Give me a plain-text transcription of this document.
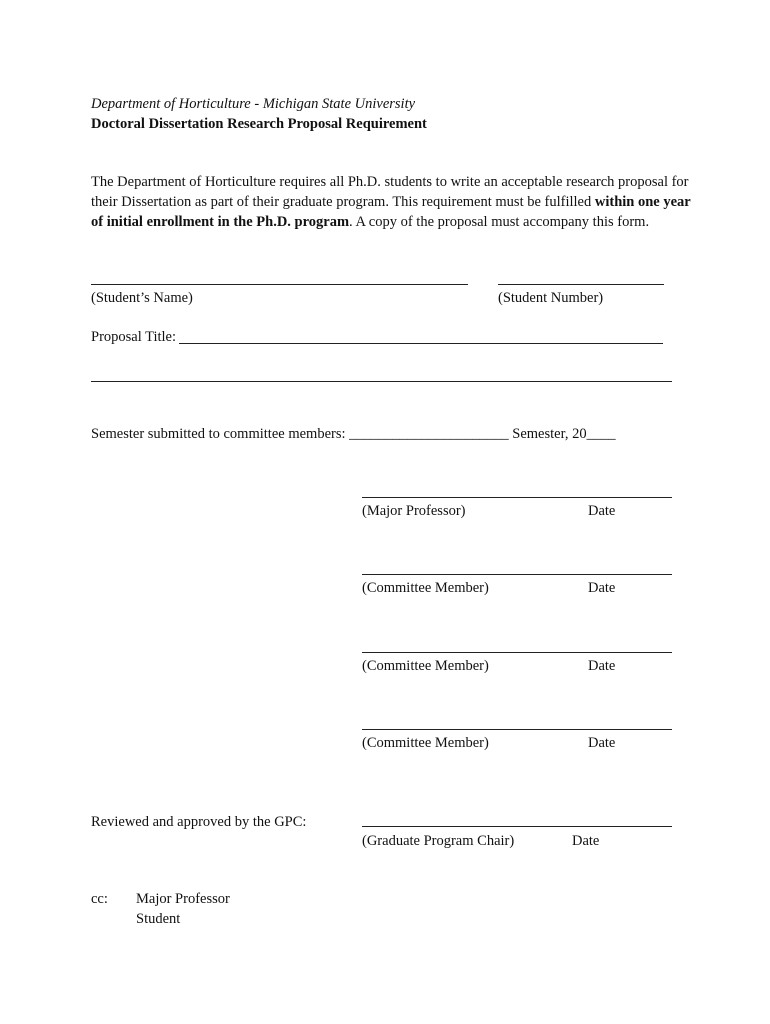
Department of Horticulture - Michigan State University
Doctoral Dissertation Research Proposal Requirement
The Department of Horticulture requires all Ph.D. students to write an acceptable research proposal for
their Dissertation as part of their graduate program. This requirement must be fulfilled within one year
of initial enrollment in the Ph.D. program. A copy of the proposal must accompany this form.
(Student’s Name)	(Student Number)
Proposal Title:
Semester submitted to committee members: ______________________ Semester, 20____
(Major Professor)	Date
(Committee Member)	Date
(Committee Member)	Date
(Committee Member)	Date
Reviewed and approved by the GPC:
(Graduate Program Chair)	Date
cc: Major Professor
Student
